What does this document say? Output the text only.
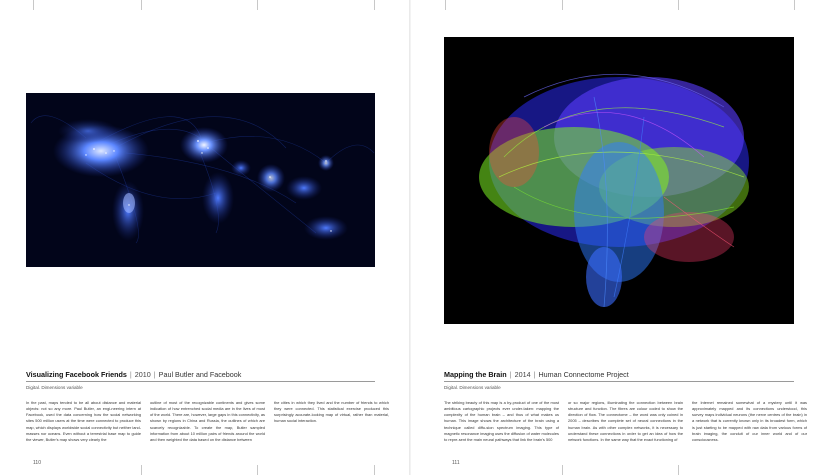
Visualizing Facebook Friends | 2010 | Paul Butler and Facebook
Digital. Dimensions variable
In the past, maps tended to be all about distance and material objects: not so any more. Paul Butler, an engi-neering intern at Facebook, used the data concerning how the social networking sites 500 million users at the time were connected to produce this map, which displays worldwide social connectivity but neither land-masses nor oceans. Even without a terrestrial base map to guide the viewer, Butler's map shows very clearly the
outline of most of the recognizable continents and gives some indication of how entrenched social media are in the lives of most of the world. There are, however, large gaps in this connectivity, as shown by regions in China and Russia, the outlines of which are scarcely recognizable. To create the map, Butler sampled information from about 10 million pairs of friends around the world and then weighted the data based on the distance between
the cities in which they lived and the number of friends to which they were connected. This statistical exercise produced this surprisingly accurate-looking map of virtual, rather than material, human social interaction.
110
Mapping the Brain | 2014 | Human Connectome Project
Digital. Dimensions variable
The striking beauty of this map is a by-product of one of the most ambitious cartographic projects ever under-taken: mapping the complexity of the human brain – and thus of what makes us human. This image shows the architecture of the brain using a technique called diffu-sion spectrum imaging. This type of magnetic resonance imaging uses the diffusion of water molecules to repre-sent the main neural pathways that link the brain's 500
or so major regions, illuminating the connection between brain structure and function. The fibres are colour coded to show the direction of flow. The connectome – the word was only coined in 2005 – describes the complete set of neural connections in the human brain. As with other complex networks, it is necessary to understand these connections in order to get an idea of how the network functions. In the same way that the exact functioning of
the Internet remained somewhat of a mystery until it was approximately mapped and its connections understood, this survey maps individual neurons (the nerve centres of the brain) in a network that is currently known only in its broadest form, which is just starting to be mapped with raw data from various forms of brain imaging, the conduit of our inner world and of our consciousness.
111
